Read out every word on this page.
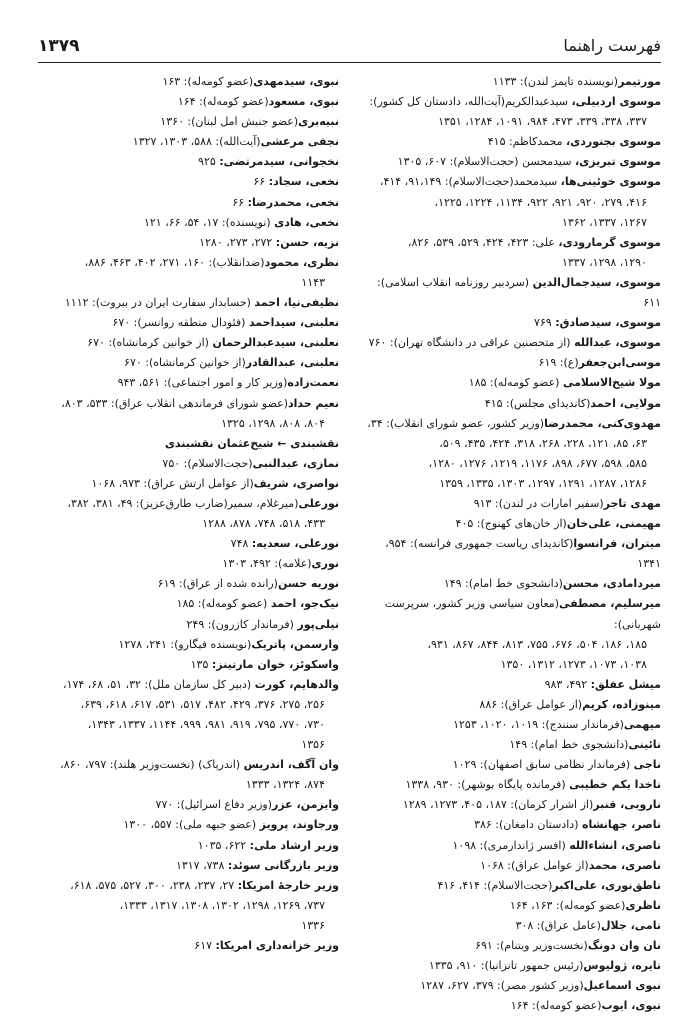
فهرست راهنما
۱۳۷۹
مورتیمر(نویسنده تایمز لندن): ۱۱۳۳
موسوی اردبیلی، سیدعبدالکریم(آیت‌الله، دادستان کل کشور):
۳۳۷، ۳۳۸، ۳۳۹، ۴۷۳، ۹۸۴، ۱۰۹۱، ۱۲۸۴، ۱۳۵۱
موسوی بجنوردی، محمدکاظم: ۴۱۵
موسوی تبریزی، سیدمحسن (حجت‌الاسلام): ۶۰۷، ۱۳۰۵
موسوی خوئینی‌ها، سیدمحمد(حجت‌الاسلام): ۹۱،۱۴۹، ۴۱۴،
۴۱۶، ۲۷۹، ۹۲۰، ۹۲۱، ۹۲۲، ۱۱۳۴، ۱۲۲۴، ۱۲۲۵،
۱۲۶۷، ۱۳۳۷، ۱۳۶۲
موسوی گرمارودی، علی: ۴۲۳، ۴۲۴، ۵۲۹، ۵۳۹، ۸۲۶،
۱۲۹۰، ۱۲۹۸، ۱۳۳۷
موسوی، سیدجمال‌الدین (سردبیر روزنامه انقلاب اسلامی): ۶۱۱
موسوی، سیدصادق: ۷۶۹
موسوی، عبدالله (از متحصنین عراقی در دانشگاه تهران): ۷۶۰
موسی‌ابن‌جعفر(ع): ۶۱۹
مولا شیخ‌الاسلامی (عضو کومه‌له): ۱۸۵
مولایی، احمد(کاندیدای مجلس): ۴۱۵
مهدوی‌کنی، محمدرضا(وزیر کشور، عضو شورای انقلاب): ۳۴،
۶۳، ۸۵، ۱۲۱، ۲۲۸، ۲۶۸، ۳۱۸، ۴۲۴، ۴۳۵، ۵۰۹،
۵۸۵، ۵۹۸، ۶۷۷، ۸۹۸، ۱۱۷۶، ۱۲۱۹، ۱۲۷۶، ۱۲۸۰،
۱۲۸۶، ۱۲۸۷، ۱۲۹۱، ۱۲۹۷، ۱۳۰۳، ۱۳۳۵، ۱۳۵۹
مهدی تاجر(سفیر امارات در لندن): ۹۱۳
مهیمنی، علی‌خان(از خان‌های کهنوج): ۴۰۵
میتران، فرانسوا(کاندیدای ریاست جمهوری فرانسه): ۹۵۴، ۱۳۴۱
میردامادی، محسن(دانشجوی خط امام): ۱۴۹
میرسلیم، مصطفی(معاون سیاسی وزیر کشور، سرپرست شهربانی):
۱۸۵، ۱۸۶، ۵۰۴، ۶۷۶، ۷۵۵، ۸۱۳، ۸۴۴، ۸۶۷، ۹۳۱،
۱۰۳۸، ۱۰۷۳، ۱۲۷۳، ۱۳۱۲، ۱۳۵۰
میشل عفلق: ۴۹۲، ۹۸۳
مینوزاده، کریم(از عوامل عراق): ۸۸۶
میهمی(فرماندار سنندج): ۱۰۱۹، ۱۰۲۰، ۱۲۵۳
نائینی(دانشجوی خط امام): ۱۴۹
ناجی (فرماندار نظامی سابق اصفهان): ۱۰۲۹
ناخدا یکم خطیبی (فرمانده پایگاه بوشهر): ۹۳۰، ۱۳۳۸
نارویی، قنبر(از اشرار کرمان): ۱۸۷، ۴۰۵، ۱۲۷۳، ۱۲۸۹
ناصر، جهانشاه (دادستان دامغان): ۳۸۶
ناصری، انشاءالله (افسر ژاندارمری): ۱۰۹۸
ناصری، محمد(از عوامل عراق): ۱۰۶۸
ناطق‌نوری، علی‌اکبر(حجت‌الاسلام): ۴۱۴، ۴۱۶
ناظری(عضو کومه‌له): ۱۶۳، ۱۶۴
نامی، جلال(عامل عراق): ۳۰۸
نان وان دونگ(نخست‌وزیر ویتنام): ۶۹۱
نایره، ژولیوس(رئیس جمهور تانزانیا): ۹۱۰، ۱۳۳۵
نبوی اسماعیل(وزیر کشور مصر): ۳۷۹، ۶۲۷، ۱۲۸۷
نبوی، ایوب(عضو کومه‌له): ۱۶۴
نبوی، سیدمهدی(عضو کومه‌له): ۱۶۳
نبوی، مسعود(عضو کومه‌له): ۱۶۴
نبیه‌بری(عضو جنبش امل لبنان): ۱۳۶۰
نجفی مرعشی(آیت‌الله): ۵۸۸، ۱۳۰۳، ۱۳۲۷
نخجوانی، سیدمرتضی: ۹۲۵
نخعی، سجاد: ۶۶
نخعی، محمدرضا: ۶۶
نخعی، هادی (نویسنده): ۱۷، ۵۴، ۶۶، ۱۲۱
نزیه، حسن: ۲۷۲، ۲۷۳، ۱۲۸۰
نظری، محمود(ضدانقلاب): ۱۶۰، ۲۷۱، ۴۰۲، ۴۶۳، ۸۸۶،
۱۱۴۳
نظیفی‌نیا، احمد (حسابدار سفارت ایران در بیروت): ۱۱۱۲
نعلبنی، سیداحمد (فئودال منطقه روانسر): ۶۷۰
نعلبنی، سیدعبدالرحمان (از خوانین کرمانشاه): ۶۷۰
نعلبنی، عبدالقادر(از خوانین کرمانشاه): ۶۷۰
نعمت‌زاده(وزیر کار و امور اجتماعی): ۵۶۱، ۹۴۳
نعیم حداد(عضو شورای فرماندهی انقلاب عراق): ۵۳۳، ۸۰۳،
۸۰۴، ۸۰۸، ۱۲۹۸، ۱۳۲۵
نقشبندی ← شیخ‌عثمان نقشبندی
نمازی، عبدالنبی(حجت‌الاسلام): ۷۵۰
نواصری، شریف(از عوامل ارتش عراق): ۹۷۳، ۱۰۶۸
نورعلی(میرغلام، سمیر(ضارب طارق‌عزیز): ۴۹، ۳۸۱، ۳۸۲،
۴۳۳، ۵۱۸، ۷۴۸، ۸۷۸، ۱۲۸۸
نورعلی، سعدیه: ۷۴۸
نوری(علامه): ۴۹۲، ۱۳۰۳
نوریه حسن(رانده شده از عراق): ۶۱۹
نیک‌جو، احمد (عضو کومه‌له): ۱۸۵
نیلی‌پور (فرماندار کازرون): ۲۴۹
وارسمن، پاتریک(نویسنده فیگارو): ۲۴۱، ۱۲۷۸
واسکوئز، خوان مارتینز: ۱۳۵
والدهایم، کورت (دبیر کل سازمان ملل): ۳۲، ۵۱، ۶۸، ۱۷۴،
۲۵۶، ۲۷۵، ۳۷۶، ۴۲۹، ۴۸۲، ۵۱۷، ۵۳۱، ۶۱۷، ۶۱۸، ۶۳۹،
۷۳۰، ۷۷۰، ۷۹۵، ۹۱۹، ۹۸۱، ۹۹۹، ۱۱۴۴، ۱۳۳۷، ۱۳۴۳،
۱۳۵۶
وان آگف، اندریس (اندریاک) (نخست‌وزیر هلند): ۷۹۷، ۸۶۰،
۸۷۴، ۱۳۲۴، ۱۳۳۳
وایزمن، عزر(وزیر دفاع اسرائیل): ۷۷۰
ورجاوند، پرویز (عضو جبهه ملی): ۵۵۷، ۱۳۰۰
وزیر ارشاد ملی: ۶۲۲، ۱۰۳۵
وزیر بازرگانی سوئد: ۷۳۸، ۱۳۱۷
وزیر خارجهٔ امریکا: ۲۷، ۲۳۷، ۲۳۸، ۳۰۰، ۵۲۷، ۵۷۵، ۶۱۸،
۷۳۷، ۱۲۶۹، ۱۲۹۸، ۱۳۰۲، ۱۳۰۸، ۱۳۱۷، ۱۳۳۳،
۱۳۳۶
وزیر خزانه‌داری امریکا: ۶۱۷
